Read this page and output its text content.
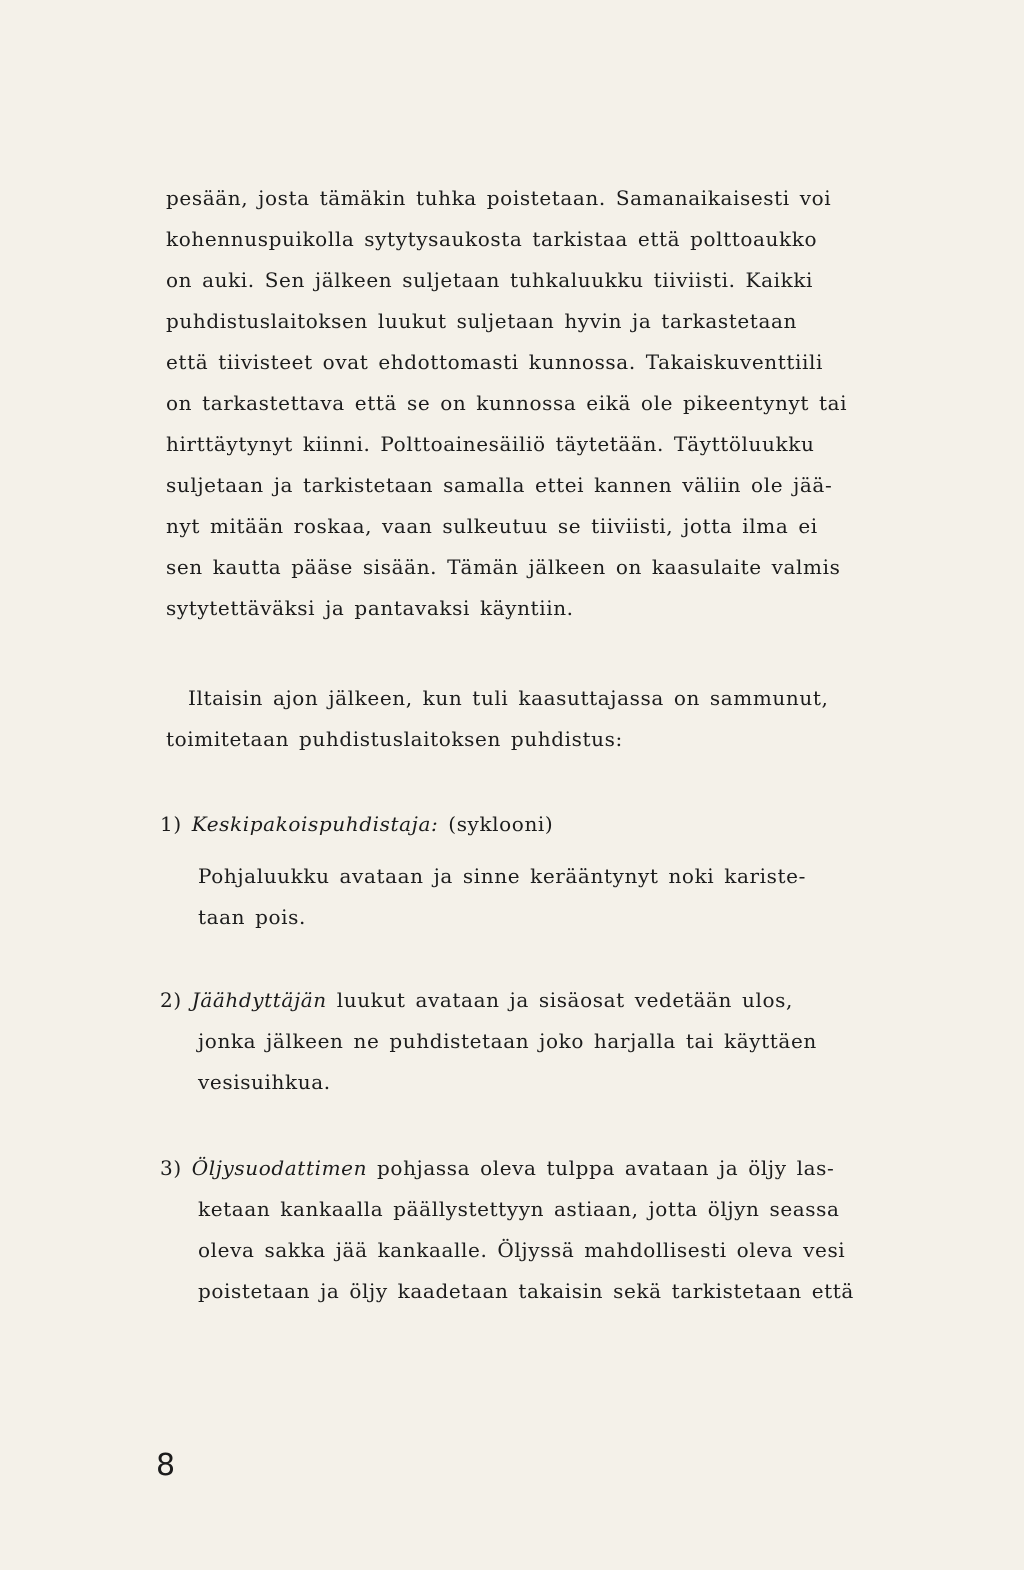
pesään, josta tämäkin tuhka poistetaan. Samanaikaisesti voi
kohennuspuikolla sytytysaukosta tarkistaa että polttoaukko
on auki. Sen jälkeen suljetaan tuhkaluukku tiiviisti. Kaikki
puhdistuslaitoksen luukut suljetaan hyvin ja tarkastetaan
että tiivisteet ovat ehdottomasti kunnossa. Takaiskuventtiili
on tarkastettava että se on kunnossa eikä ole pikeentynyt tai
hirttäytynyt kiinni. Polttoainesäiliö täytetään. Täyttöluukku
suljetaan ja tarkistetaan samalla ettei kannen väliin ole jää-
nyt mitään roskaa, vaan sulkeutuu se tiiviisti, jotta ilma ei
sen kautta pääse sisään. Tämän jälkeen on kaasulaite valmis
sytytettäväksi ja pantavaksi käyntiin.
Iltaisin ajon jälkeen, kun tuli kaasuttajassa on sammunut,
toimitetaan puhdistuslaitoksen puhdistus:
1) Keskipakoispuhdistaja: (syklooni)
Pohjaluukku avataan ja sinne kerääntynyt noki kariste-
taan pois.
2) Jäähdyttäjän luukut avataan ja sisäosat vedetään ulos,
jonka jälkeen ne puhdistetaan joko harjalla tai käyttäen
vesisuihkua.
3) Öljysuodattimen pohjassa oleva tulppa avataan ja öljy las-
ketaan kankaalla päällystettyyn astiaan, jotta öljyn seassa
oleva sakka jää kankaalle. Öljyssä mahdollisesti oleva vesi
poistetaan ja öljy kaadetaan takaisin sekä tarkistetaan että
8
